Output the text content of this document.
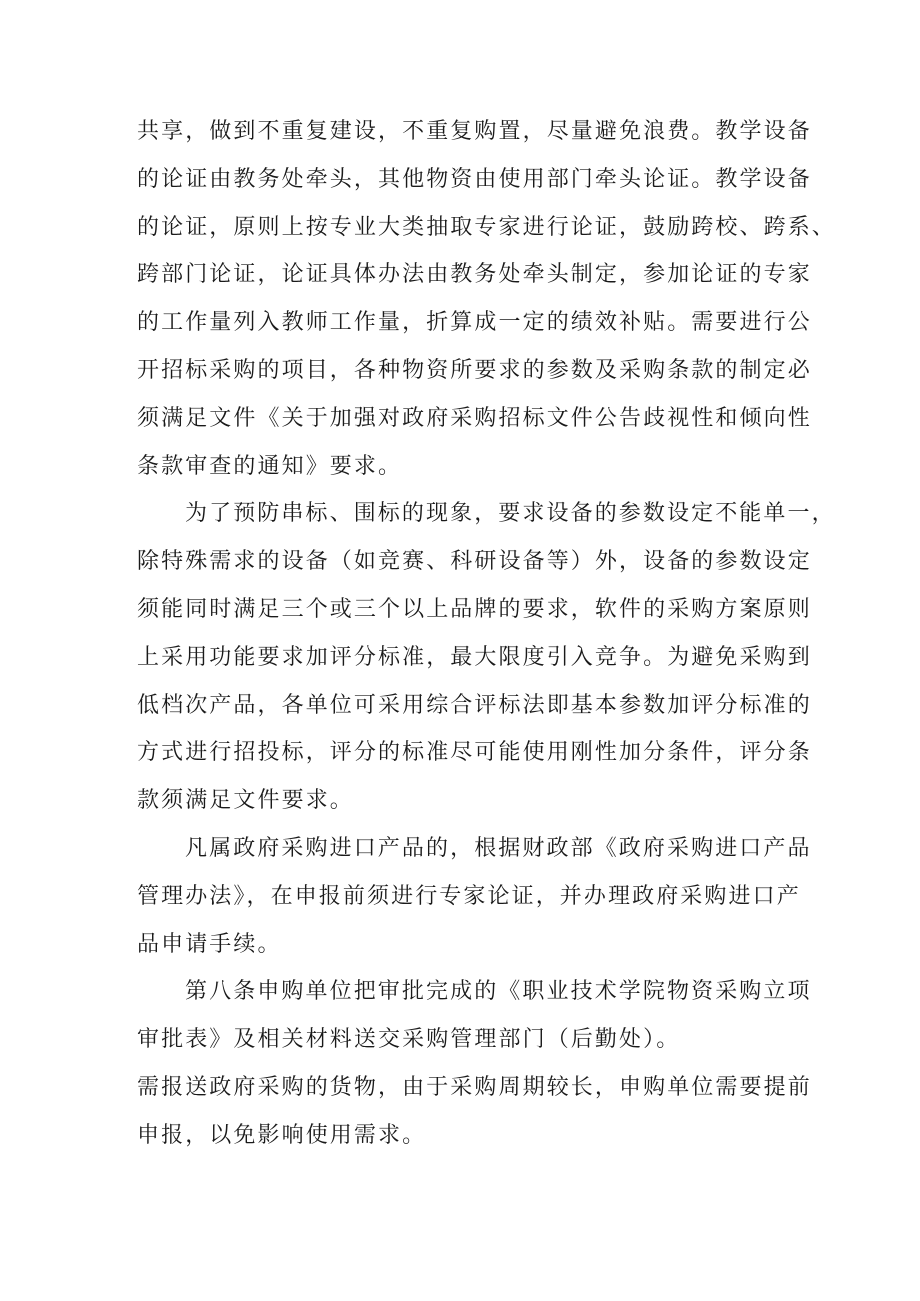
共享，做到不重复建设，不重复购置，尽量避免浪费。教学设备
的论证由教务处牵头，其他物资由使用部门牵头论证。教学设备
的论证，原则上按专业大类抽取专家进行论证，鼓励跨校、跨系、
跨部门论证，论证具体办法由教务处牵头制定，参加论证的专家
的工作量列入教师工作量，折算成一定的绩效补贴。需要进行公
开招标采购的项目，各种物资所要求的参数及采购条款的制定必
须满足文件《关于加强对政府采购招标文件公告歧视性和倾向性
条款审查的通知》要求。
为了预防串标、围标的现象，要求设备的参数设定不能单一，
除特殊需求的设备（如竞赛、科研设备等）外，设备的参数设定
须能同时满足三个或三个以上品牌的要求，软件的采购方案原则
上采用功能要求加评分标准，最大限度引入竞争。为避免采购到
低档次产品，各单位可采用综合评标法即基本参数加评分标准的
方式进行招投标，评分的标准尽可能使用刚性加分条件，评分条
款须满足文件要求。
凡属政府采购进口产品的，根据财政部《政府采购进口产品
管理办法》，在申报前须进行专家论证，并办理政府采购进口产
品申请手续。
第八条申购单位把审批完成的《职业技术学院物资采购立项
审批表》及相关材料送交采购管理部门（后勤处）。
需报送政府采购的货物，由于采购周期较长，申购单位需要提前
申报，以免影响使用需求。
